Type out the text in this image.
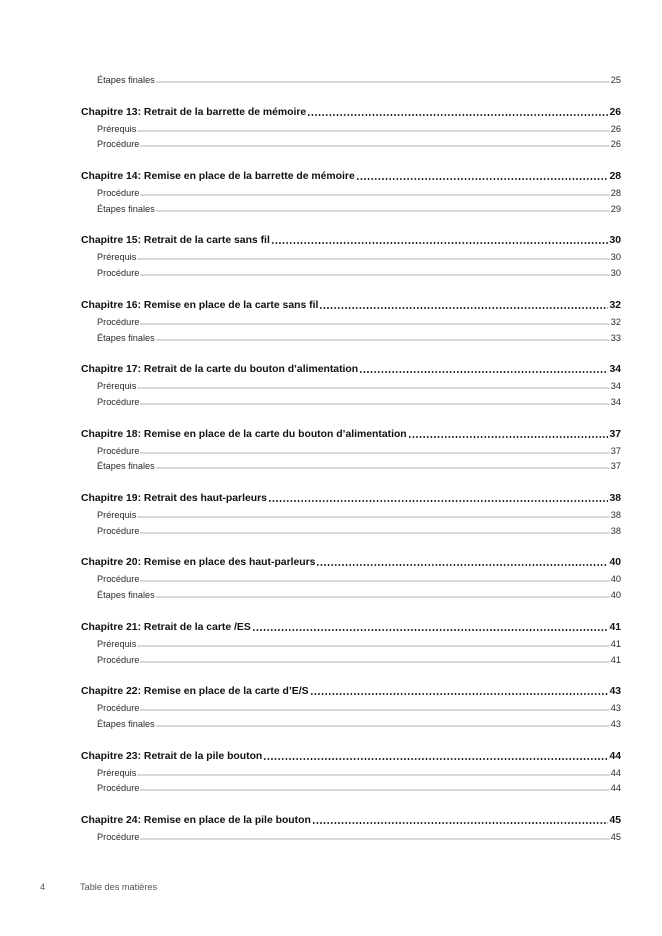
Étapes finales	25
Chapitre 13: Retrait de la barrette de mémoire	26
Prérequis	26
Procédure	26
Chapitre 14: Remise en place de la barrette de mémoire	28
Procédure	28
Étapes finales	29
Chapitre 15: Retrait de la carte sans fil	30
Prérequis	30
Procédure	30
Chapitre 16: Remise en place de la carte sans fil	32
Procédure	32
Étapes finales	33
Chapitre 17: Retrait de la carte du bouton d’alimentation	34
Prérequis	34
Procédure	34
Chapitre 18: Remise en place de la carte du bouton d’alimentation	37
Procédure	37
Étapes finales	37
Chapitre 19: Retrait des haut-parleurs	38
Prérequis	38
Procédure	38
Chapitre 20: Remise en place des haut-parleurs	40
Procédure	40
Étapes finales	40
Chapitre 21: Retrait de la carte /ES	41
Prérequis	41
Procédure	41
Chapitre 22: Remise en place de la carte d’E/S	43
Procédure	43
Étapes finales	43
Chapitre 23: Retrait de la pile bouton	44
Prérequis	44
Procédure	44
Chapitre 24: Remise en place de la pile bouton	45
Procédure	45
4	Table des matières
